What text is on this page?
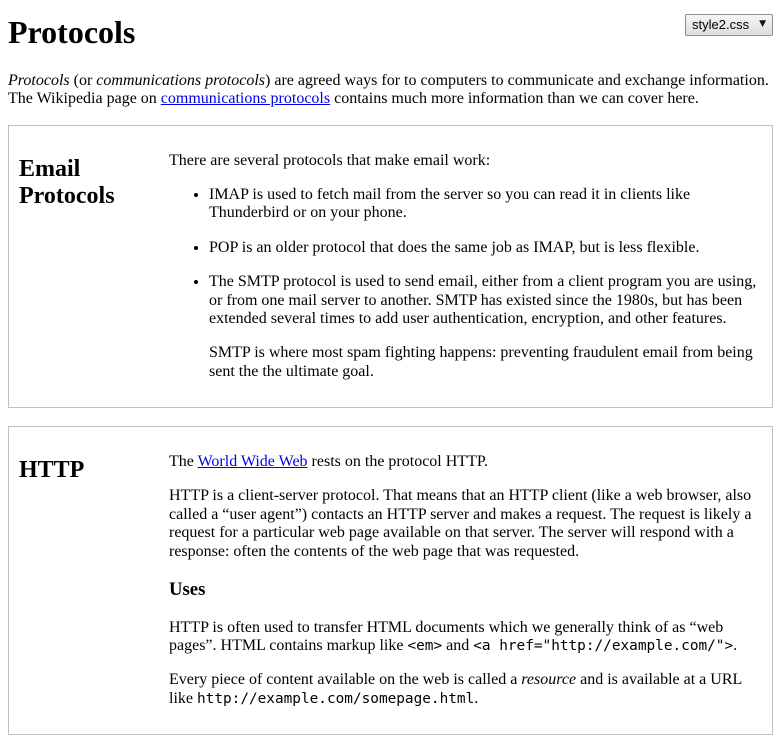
style2.css
▼
Protocols

Protocols (or communications protocols) are agreed ways for to computers to communicate and exchange information. The Wikipedia page on communications protocols contains much more information than we can cover here.

Email Protocols

There are several protocols that make email work:

• IMAP is used to fetch mail from the server so you can read it in clients like Thunderbird or on your phone.
• POP is an older protocol that does the same job as IMAP, but is less flexible.
• The SMTP protocol is used to send email, either from a client program you are using, or from one mail server to another. SMTP has existed since the 1980s, but has been extended several times to add user authentication, encryption, and other features.
SMTP is where most spam fighting happens: preventing fraudulent email from being sent the the ultimate goal.
HTTP	The World Wide Web rests on the protocol HTTP.

HTTP is a client-server protocol. That means that an HTTP client (like a web browser, also called a “user agent”) contacts an HTTP server and makes a request. The request is likely a request for a particular web page available on that server. The server will respond with a response: often the contents of the web page that was requested.

Uses

HTTP is often used to transfer HTML documents which we generally think of as “web pages”. HTML contains markup like <em> and <a href="http://example.com/">.

Every piece of content available on the web is called a resource and is available at a URL like http://example.com/somepage.html.
